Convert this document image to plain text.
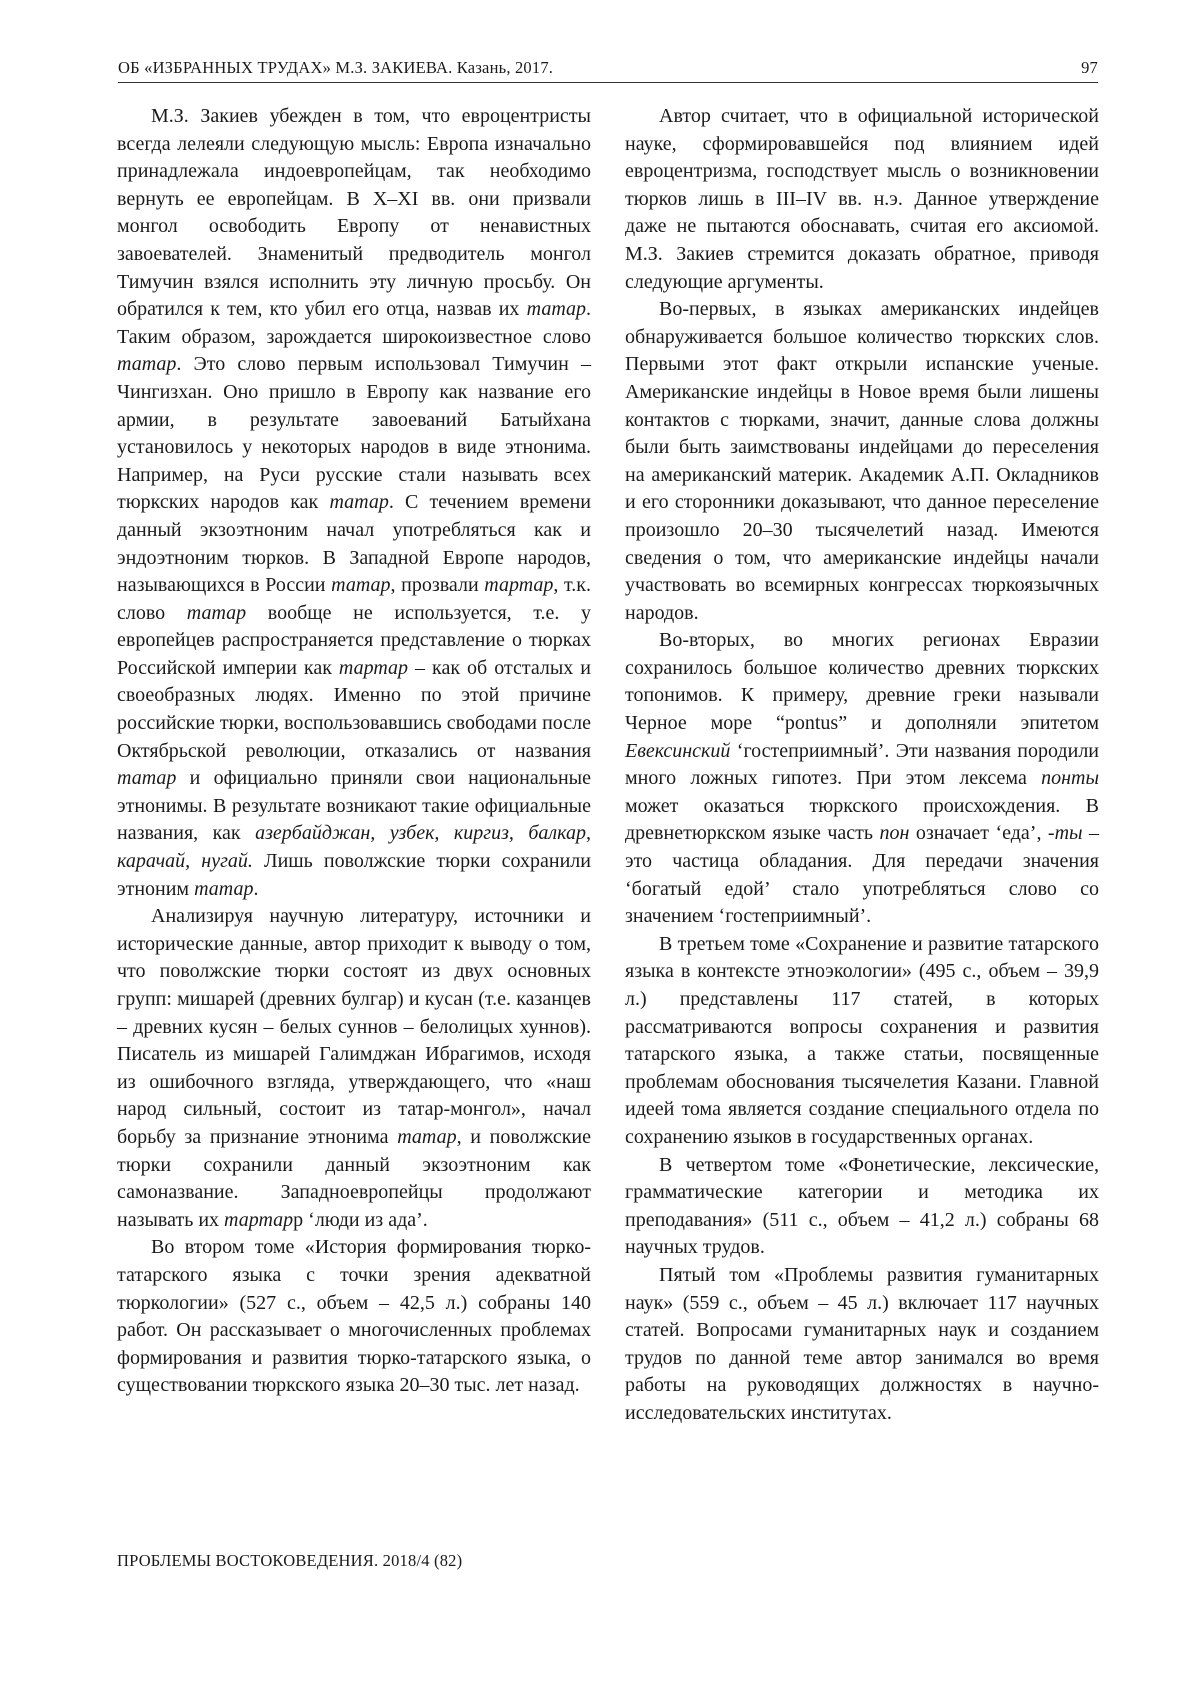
ОБ «ИЗБРАННЫХ ТРУДАХ» М.З. ЗАКИЕВА. Казань, 2017.	97

М.З. Закиев убежден в том, что евроцентристы всегда лелеяли следующую мысль: Европа изначально принадлежала индоевропейцам, так необходимо вернуть ее европейцам. В X–XI вв. они призвали монгол освободить Европу от ненавистных завоевателей. Знаменитый предводитель монгол Тимучин взялся исполнить эту личную просьбу. Он обратился к тем, кто убил его отца, назвав их татар. Таким образом, зарождается широкоизвестное слово татар. Это слово первым использовал Тимучин – Чингизхан. Оно пришло в Европу как название его армии, в результате завоеваний Батыйхана установилось у некоторых народов в виде этнонима. Например, на Руси русские стали называть всех тюркских народов как татар. С течением времени данный экзоэтноним начал употребляться как и эндоэтноним тюрков. В Западной Европе народов, называющихся в России татар, прозвали тартар, т.к. слово татар вообще не используется, т.е. у европейцев распространяется представление о тюрках Российской империи как тартар – как об отсталых и своеобразных людях. Именно по этой причине российские тюрки, воспользовавшись свободами после Октябрьской революции, отказались от названия татар и официально приняли свои национальные этнонимы. В результате возникают такие официальные названия, как азербайджан, узбек, киргиз, балкар, карачай, нугай. Лишь поволжские тюрки сохранили этноним татар.

Анализируя научную литературу, источники и исторические данные, автор приходит к выводу о том, что поволжские тюрки состоят из двух основных групп: мишарей (древних булгар) и кусан (т.е. казанцев – древних кусян – белых суннов – белолицых хуннов). Писатель из мишарей Галимджан Ибрагимов, исходя из ошибочного взгляда, утверждающего, что «наш народ сильный, состоит из татар-монгол», начал борьбу за признание этнонима татар, и поволжские тюрки сохранили данный экзоэтноним как самоназвание. Западноевропейцы продолжают называть их тартарр ‘люди из ада’.

Во втором томе «История формирования тюрко-татарского языка с точки зрения адекватной тюркологии» (527 с., объем – 42,5 л.) собраны 140 работ. Он рассказывает о многочисленных проблемах формирования и развития тюрко-татарского языка, о существовании тюркского языка 20–30 тыс. лет назад.

Автор считает, что в официальной исторической науке, сформировавшейся под влиянием идей евроцентризма, господствует мысль о возникновении тюрков лишь в III–IV вв. н.э. Данное утверждение даже не пытаются обоснавать, считая его аксиомой. М.З. Закиев стремится доказать обратное, приводя следующие аргументы.

Во-первых, в языках американских индейцев обнаруживается большое количество тюркских слов. Первыми этот факт открыли испанские ученые. Американские индейцы в Новое время были лишены контактов с тюрками, значит, данные слова должны были быть заимствованы индейцами до переселения на американский материк. Академик А.П. Окладников и его сторонники доказывают, что данное переселение произошло 20–30 тысячелетий назад. Имеются сведения о том, что американские индейцы начали участвовать во всемирных конгрессах тюркоязычных народов.

Во-вторых, во многих регионах Евразии сохранилось большое количество древних тюркских топонимов. К примеру, древние греки называли Черное море “pontus” и дополняли эпитетом Евексинский ‘гостеприимный’. Эти названия породили много ложных гипотез. При этом лексема понты может оказаться тюркского происхождения. В древнетюркском языке часть пон означает ‘еда’, -ты – это частица обладания. Для передачи значения ‘богатый едой’ стало употребляться слово со значением ‘гостеприимный’.

В третьем томе «Сохранение и развитие татарского языка в контексте этноэкологии» (495 с., объем – 39,9 л.) представлены 117 статей, в которых рассматриваются вопросы сохранения и развития татарского языка, а также статьи, посвященные проблемам обоснования тысячелетия Казани. Главной идеей тома является создание специального отдела по сохранению языков в государственных органах.

В четвертом томе «Фонетические, лексические, грамматические категории и методика их преподавания» (511 с., объем – 41,2 л.) собраны 68 научных трудов.

Пятый том «Проблемы развития гуманитарных наук» (559 с., объем – 45 л.) включает 117 научных статей. Вопросами гуманитарных наук и созданием трудов по данной теме автор занимался во время работы на руководящих должностях в научно-исследовательских институтах.

ПРОБЛЕМЫ ВОСТОКОВЕДЕНИЯ. 2018/4 (82)
